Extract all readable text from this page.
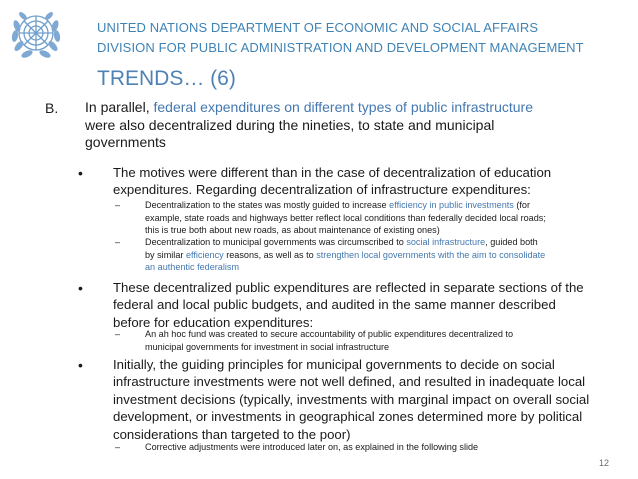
UNITED NATIONS DEPARTMENT OF ECONOMIC AND SOCIAL AFFAIRS
DIVISION FOR PUBLIC ADMINISTRATION AND DEVELOPMENT MANAGEMENT
TRENDS… (6)
B. In parallel, federal expenditures on different types of public infrastructure
were also decentralized during the nineties, to state and municipal
governments
• The motives were different than in the case of decentralization of education
expenditures. Regarding decentralization of infrastructure expenditures:
–	Decentralization to the states was mostly guided to increase efficiency in public investments (for
example, state roads and highways better reflect local conditions than federally decided local roads;
this is true both about new roads, as about maintenance of existing ones)
–	Decentralization to municipal governments was circumscribed to social infrastructure, guided both
by similar efficiency reasons, as well as to strengthen local governments with the aim to consolidate
an authentic federalism
• These decentralized public expenditures are reflected in separate sections of the
federal and local public budgets, and audited in the same manner described
before for education expenditures:
–	An ah hoc fund was created to secure accountability of public expenditures decentralized to
municipal governments for investment in social infrastructure
• Initially, the guiding principles for municipal governments to decide on social
infrastructure investments were not well defined, and resulted in inadequate local
investment decisions (typically, investments with marginal impact on overall social
development, or investments in geographical zones determined more by political
considerations than targeted to the poor)
–	Corrective adjustments were introduced later on, as explained in the following slide
12
